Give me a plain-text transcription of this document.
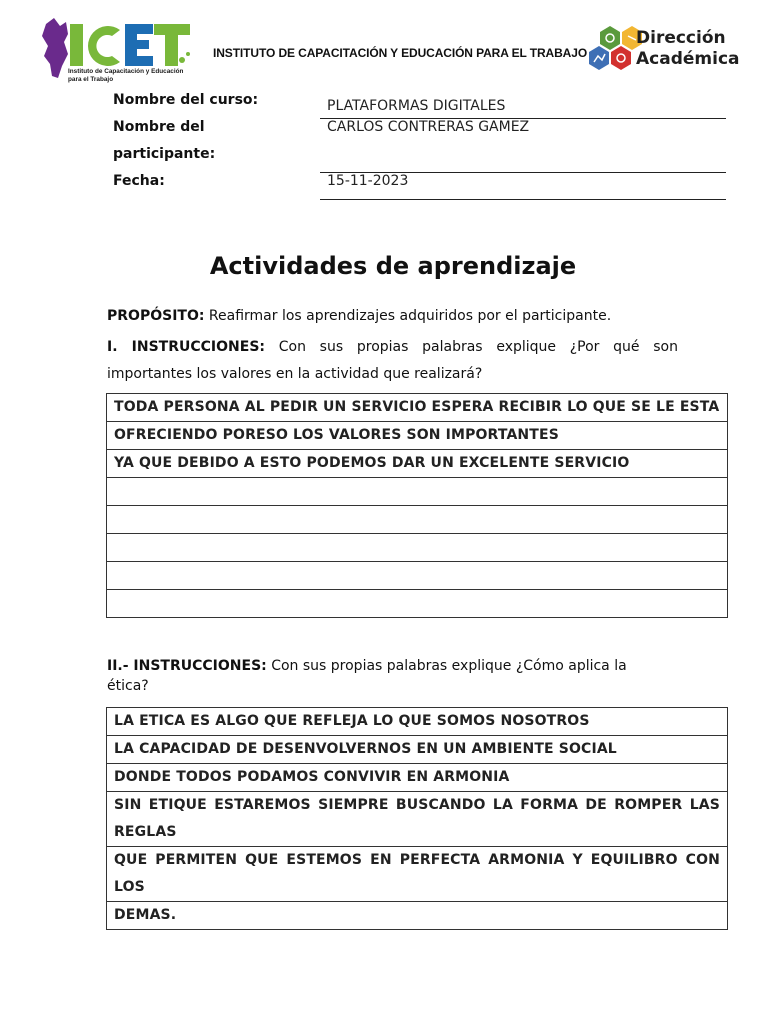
Instituto de Capacitación y Educación para el Trabajo
INSTITUTO DE CAPACITACIÓN Y EDUCACIÓN PARA EL TRABAJO
Dirección
Académica
Nombre del curso:	PLATAFORMAS DIGITALES
Nombre del
participante:
CARLOS CONTRERAS GAMEZ
Fecha:	15-11-2023
Actividades de aprendizaje
PROPÓSITO: Reafirmar los aprendizajes adquiridos por el participante.
I. INSTRUCCIONES: Con sus propias palabras explique ¿Por qué son
importantes los valores en la actividad que realizará?
TODA PERSONA AL PEDIR UN SERVICIO ESPERA RECIBIR LO QUE SE LE ESTA
OFRECIENDO PORESO LOS VALORES SON IMPORTANTES
YA QUE DEBIDO A ESTO PODEMOS DAR UN EXCELENTE SERVICIO

II.- INSTRUCCIONES: Con sus propias palabras explique ¿Cómo aplica la
ética?
LA ETICA ES ALGO QUE REFLEJA LO QUE SOMOS NOSOTROS
LA CAPACIDAD DE DESENVOLVERNOS EN UN AMBIENTE SOCIAL
DONDE TODOS PODAMOS CONVIVIR EN ARMONIA
SIN ETIQUE ESTAREMOS SIEMPRE BUSCANDO LA FORMA DE ROMPER LAS REGLAS
QUE PERMITEN QUE ESTEMOS EN PERFECTA ARMONIA Y EQUILIBRO CON LOS
DEMAS.
